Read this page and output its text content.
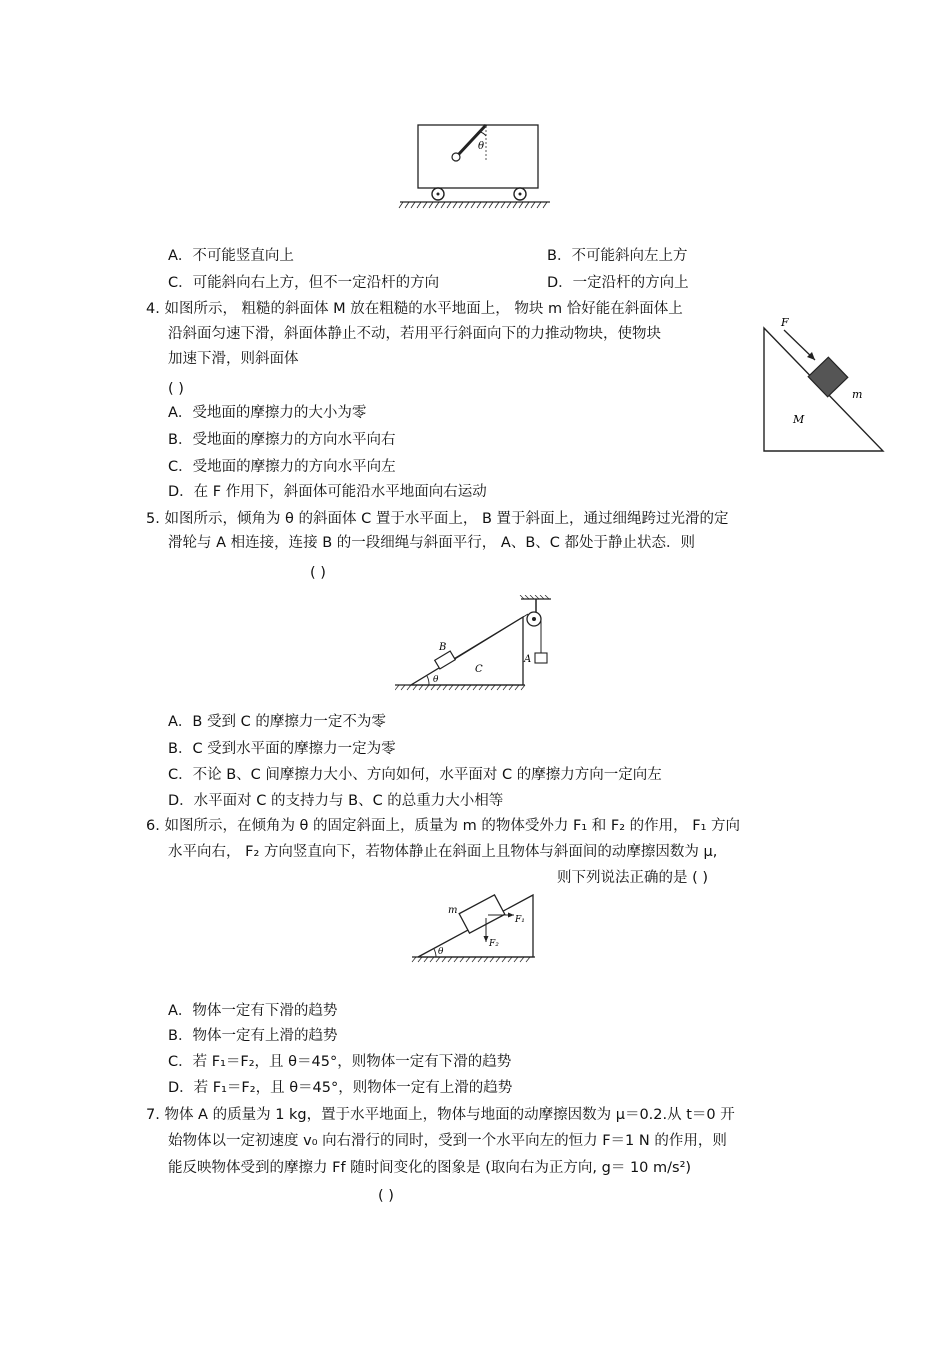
θ
A．不可能竖直向上	B．不可能斜向左上方
C．可能斜向右上方，但不一定沿杆的方向	D．一定沿杆的方向上
4. 如图所示， 粗糙的斜面体 M 放在粗糙的水平地面上， 物块 m 恰好能在斜面体上
沿斜面匀速下滑，斜面体静止不动，若用平行斜面向下的力推动物块，使物块
加速下滑，则斜面体
( )
A．受地面的摩擦力的大小为零
B．受地面的摩擦力的方向水平向右
C．受地面的摩擦力的方向水平向左
D．在 F 作用下，斜面体可能沿水平地面向右运动
F
m
M
5. 如图所示，倾角为 θ 的斜面体 C 置于水平面上， B 置于斜面上，通过细绳跨过光滑的定
滑轮与 A 相连接，连接 B 的一段细绳与斜面平行， A、B、C 都处于静止状态．则
( )
θ
B
C
A
A．B 受到 C 的摩擦力一定不为零
B．C 受到水平面的摩擦力一定为零
C．不论 B、C 间摩擦力大小、方向如何，水平面对 C 的摩擦力方向一定向左
D．水平面对 C 的支持力与 B、C 的总重力大小相等
6. 如图所示，在倾角为 θ 的固定斜面上，质量为 m 的物体受外力 F₁ 和 F₂ 的作用， F₁ 方向
水平向右， F₂ 方向竖直向下，若物体静止在斜面上且物体与斜面间的动摩擦因数为 μ,
则下列说法正确的是 ( )
m
F₁
F₂
θ
A．物体一定有下滑的趋势
B．物体一定有上滑的趋势
C．若 F₁＝F₂，且 θ＝45°，则物体一定有下滑的趋势
D．若 F₁＝F₂，且 θ＝45°，则物体一定有上滑的趋势
7. 物体 A 的质量为 1 kg，置于水平地面上，物体与地面的动摩擦因数为 μ＝0.2.从 t＝0 开
始物体以一定初速度 v₀ 向右滑行的同时，受到一个水平向左的恒力 F＝1 N 的作用，则
能反映物体受到的摩擦力 Ff 随时间变化的图象是 (取向右为正方向, g＝ 10 m/s²)
( )
